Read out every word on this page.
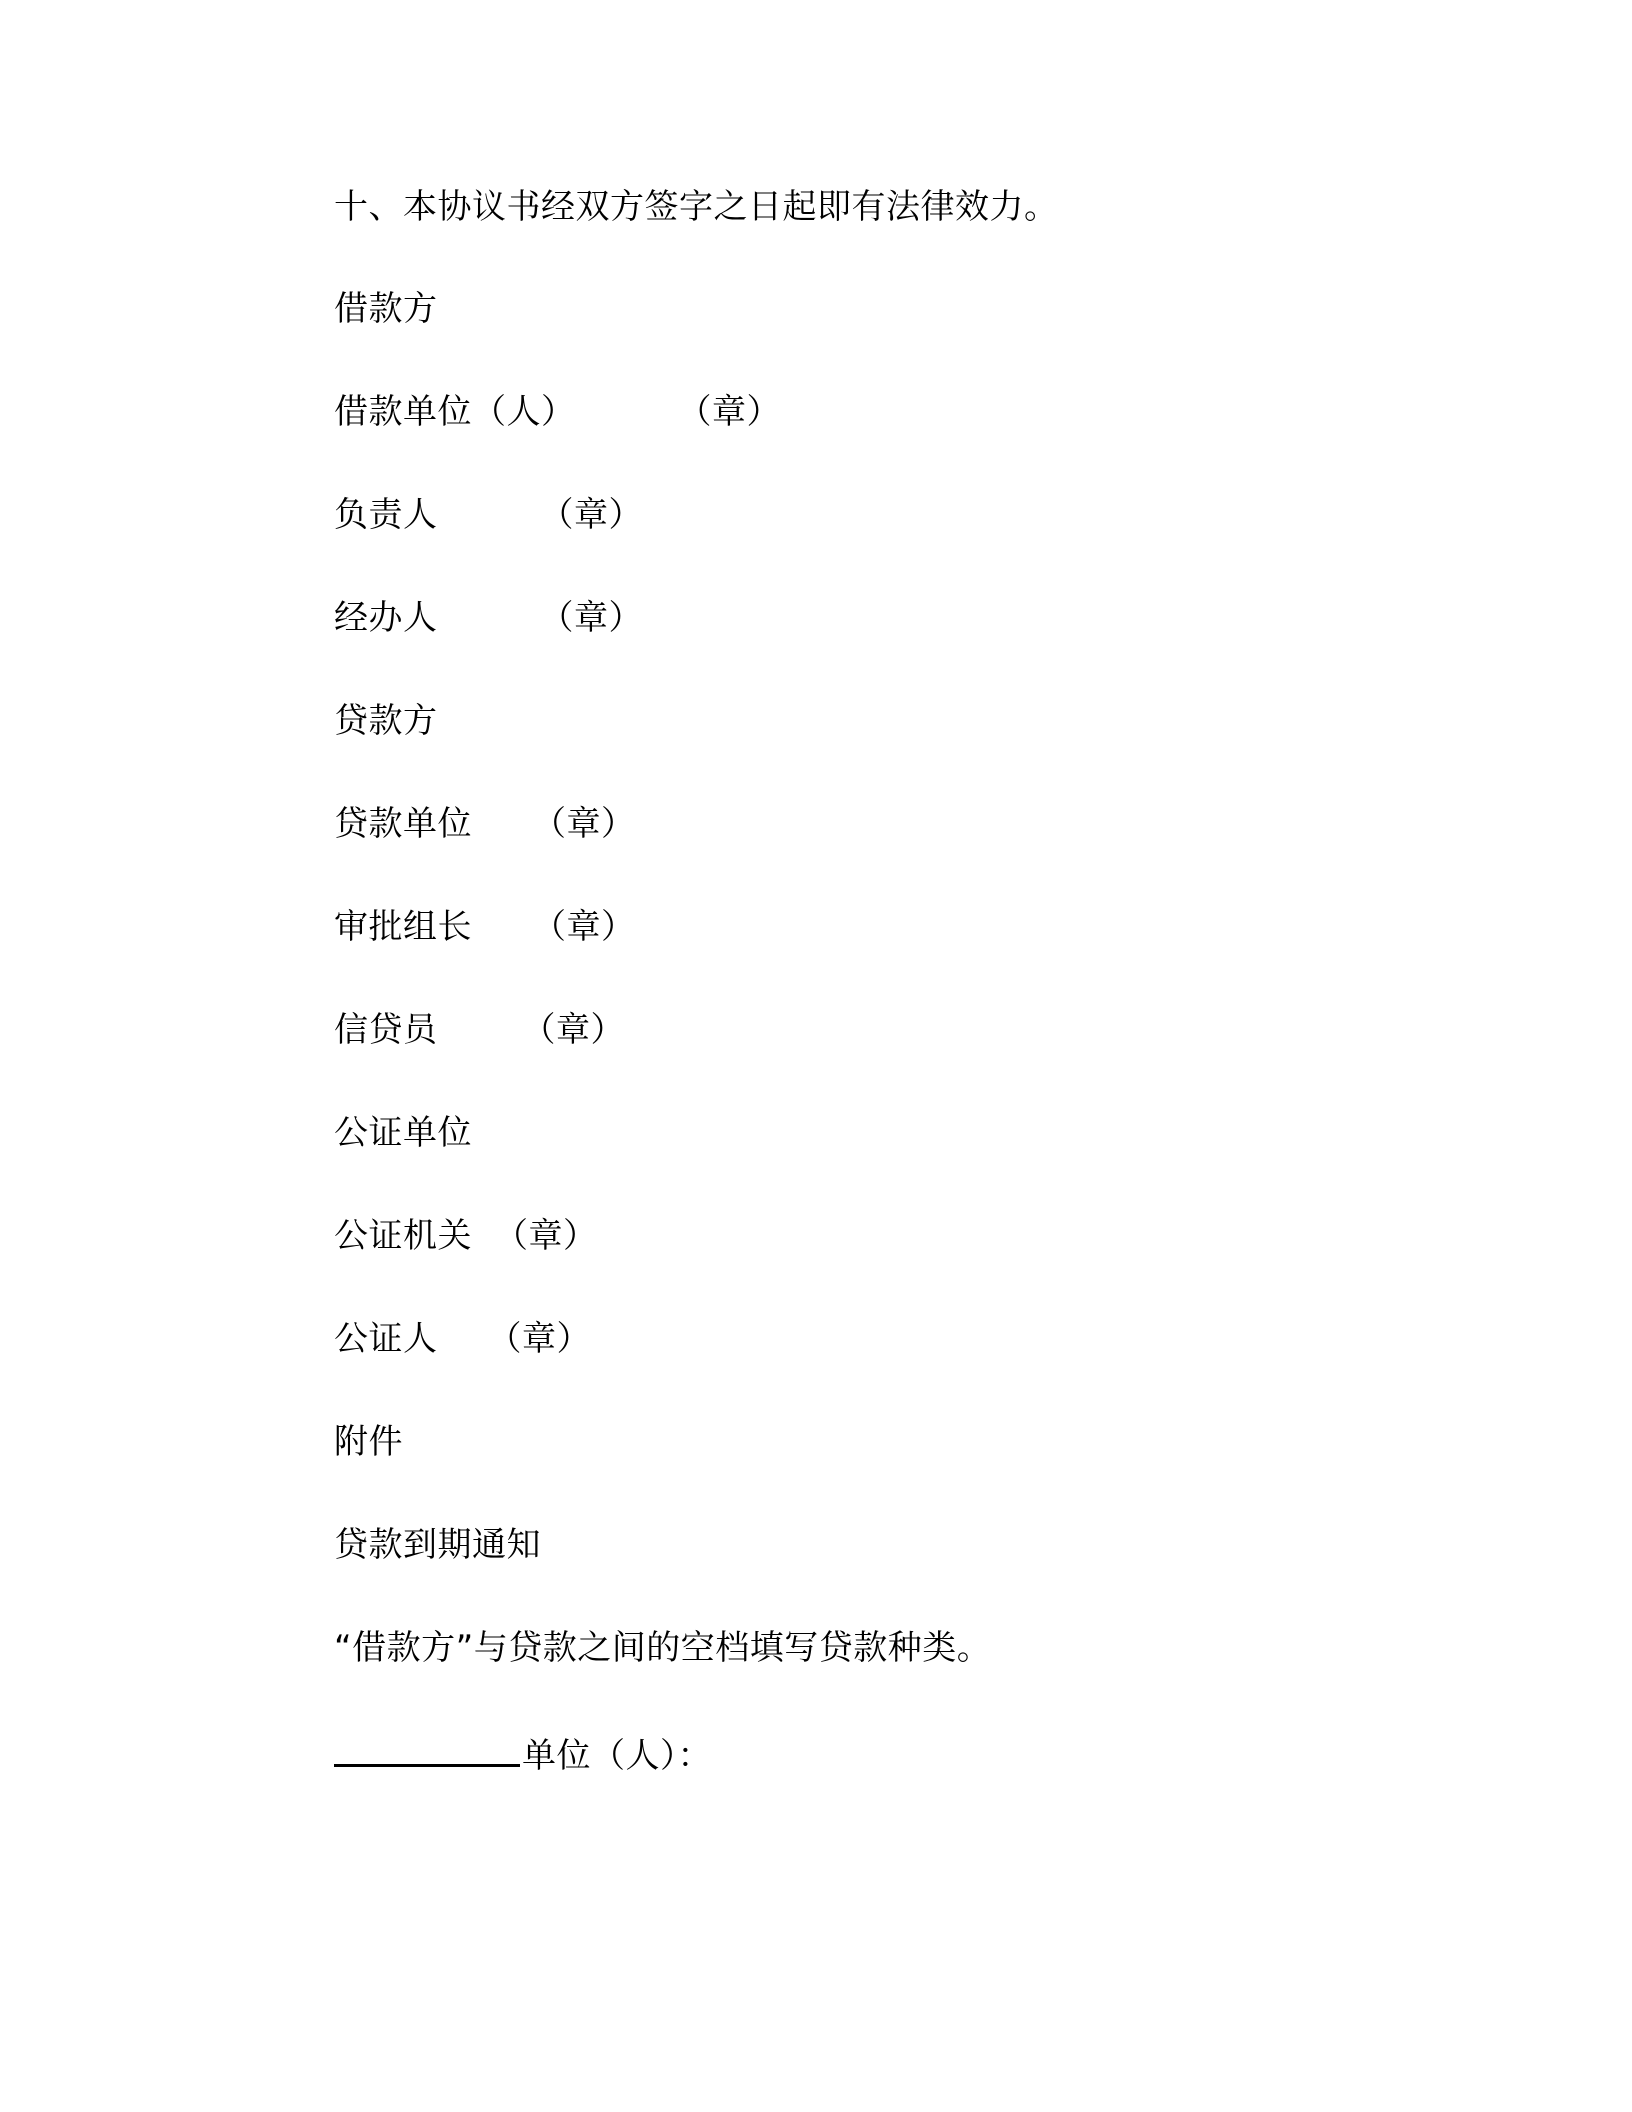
十、本协议书经双方签字之日起即有法律效力。
借款方
借款单位（人）	（章）
负责人	（章）
经办人	（章）
贷款方
贷款单位 （章）
审批组长 （章）
信贷员 （章）
公证单位
公证机关 （章）
公证人 （章）
附件
贷款到期通知
“借款方”与贷款之间的空档填写贷款种类。
单位（人）：
